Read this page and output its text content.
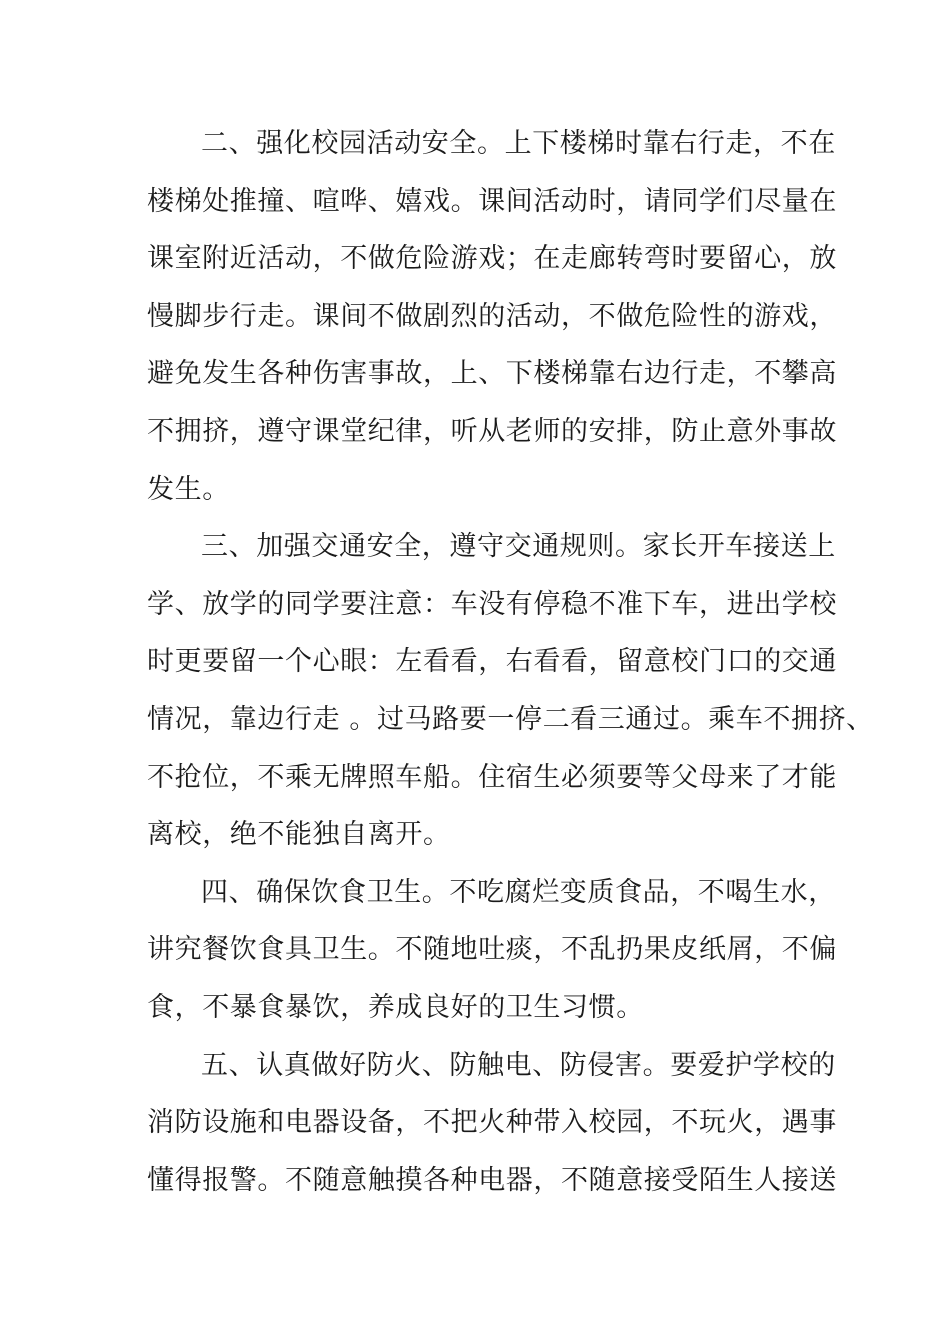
二、强化校园活动安全。上下楼梯时靠右行走，不在
楼梯处推撞、喧哗、嬉戏。课间活动时，请同学们尽量在
课室附近活动，不做危险游戏；在走廊转弯时要留心，放
慢脚步行走。课间不做剧烈的活动，不做危险性的游戏，
避免发生各种伤害事故，上、下楼梯靠右边行走，不攀高
不拥挤，遵守课堂纪律，听从老师的安排，防止意外事故
发生。
三、加强交通安全，遵守交通规则。家长开车接送上
学、放学的同学要注意：车没有停稳不准下车，进出学校
时更要留一个心眼：左看看，右看看，留意校门口的交通
情况，靠边行走 。过马路要一停二看三通过。乘车不拥挤、
不抢位，不乘无牌照车船。住宿生必须要等父母来了才能
离校，绝不能独自离开。
四、确保饮食卫生。不吃腐烂变质食品，不喝生水，
讲究餐饮食具卫生。不随地吐痰，不乱扔果皮纸屑，不偏
食，不暴食暴饮，养成良好的卫生习惯。
五、认真做好防火、防触电、防侵害。要爱护学校的
消防设施和电器设备，不把火种带入校园，不玩火，遇事
懂得报警。不随意触摸各种电器，不随意接受陌生人接送
